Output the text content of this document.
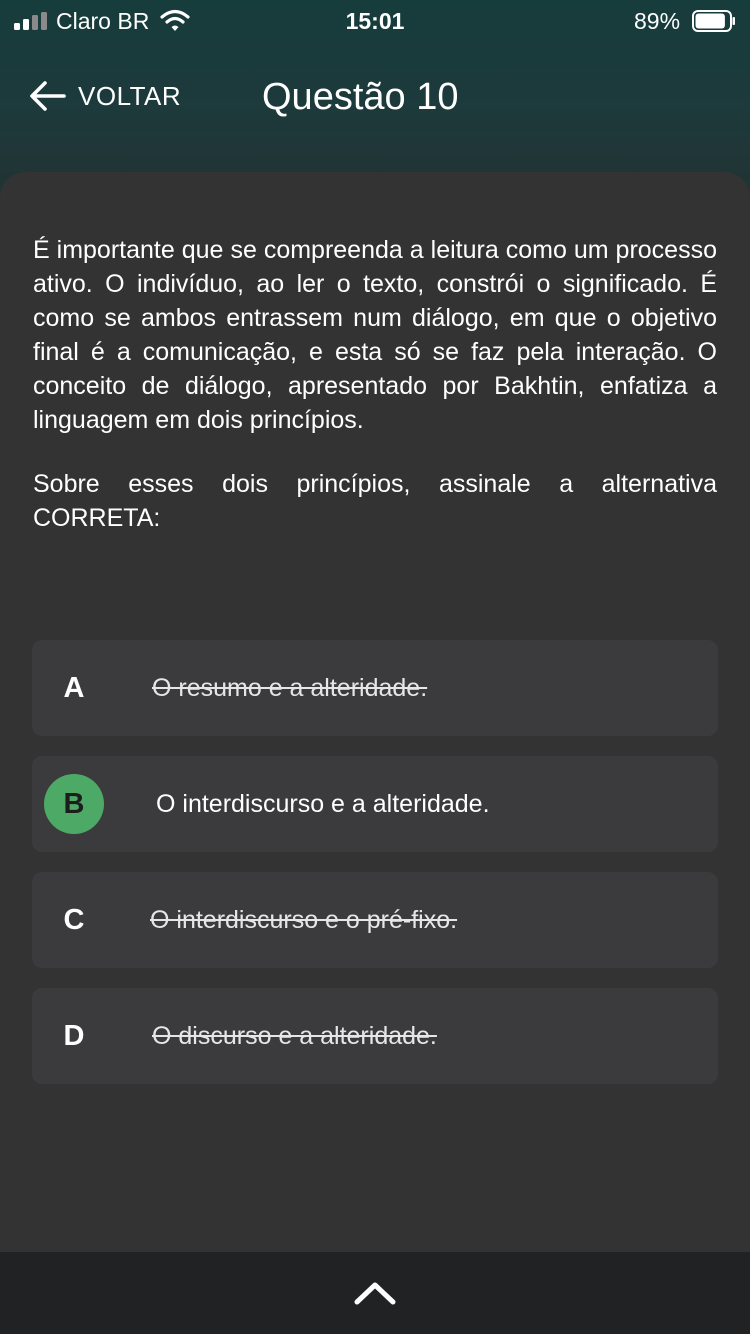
Claro BR	15:01	89%
VOLTAR Questão 10

É importante que se compreenda a leitura como um processo ativo. O indivíduo, ao ler o texto, constrói o significado. É como se ambos entrassem num diálogo, em que o objetivo final é a comunicação, e esta só se faz pela interação. O conceito de diálogo, apresentado por Bakhtin, enfatiza a linguagem em dois princípios.

Sobre esses dois princípios, assinale a alternativa CORRETA:

A	O resumo e a alteridade.
B	O interdiscurso e a alteridade.
C	O interdiscurso e o pré-fixo.
D	O discurso e a alteridade.
